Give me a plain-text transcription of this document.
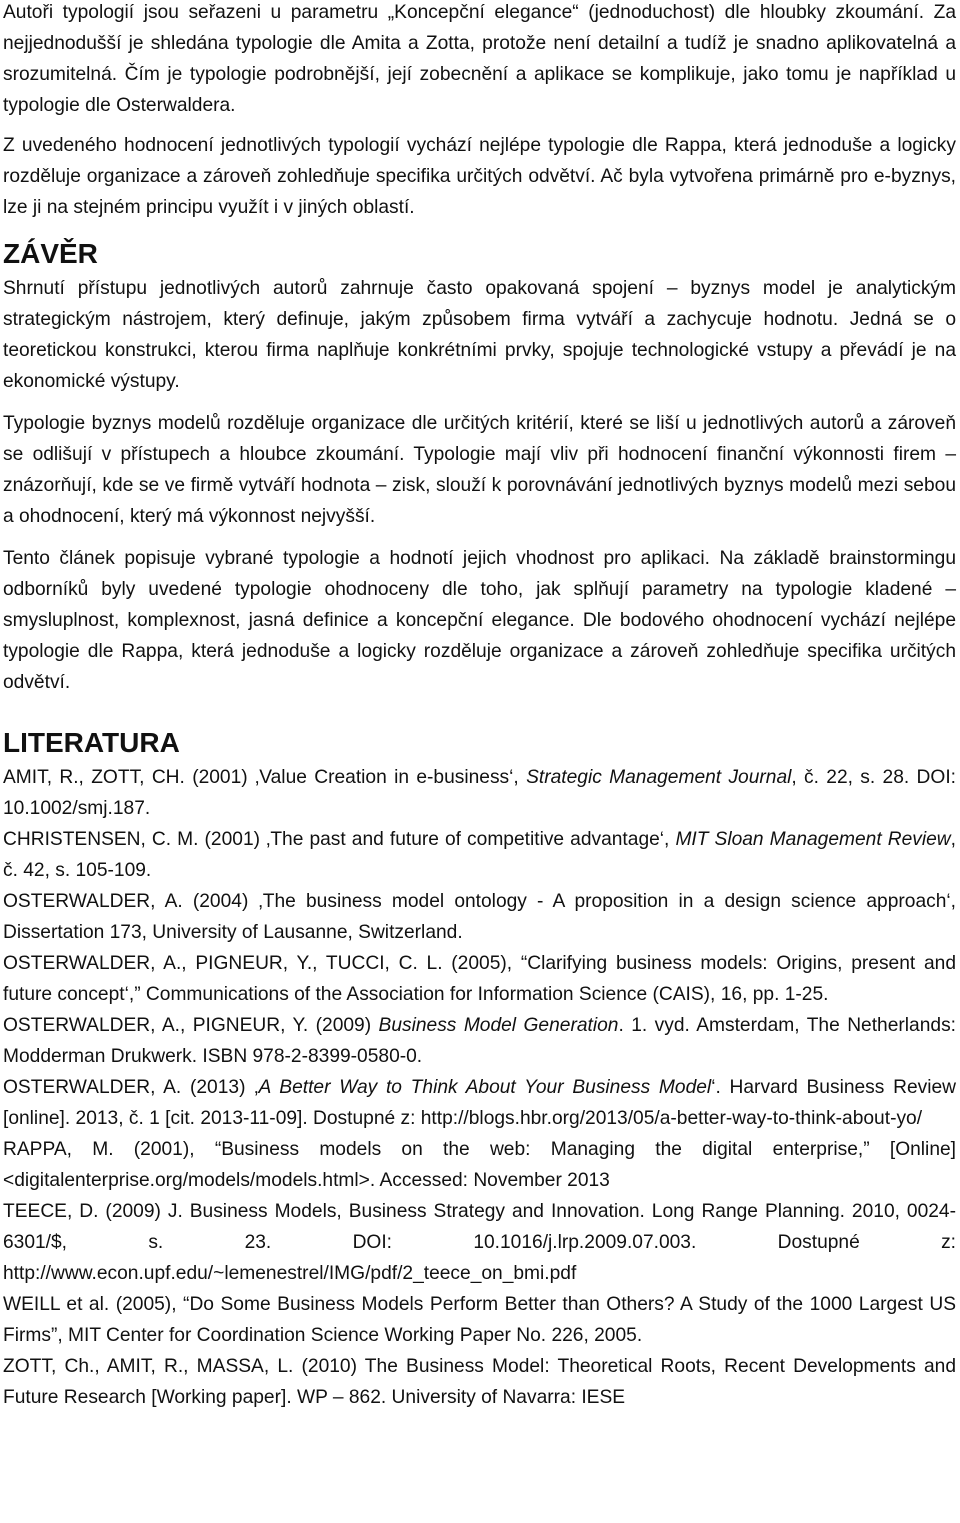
Autoři typologií jsou seřazeni u parametru „Koncepční elegance“ (jednoduchost) dle hloubky zkoumání. Za nejjednodušší je shledána typologie dle Amita a Zotta, protože není detailní a tudíž je snadno aplikovatelná a srozumitelná. Čím je typologie podrobnější, její zobecnění a aplikace se komplikuje, jako tomu je například u typologie dle Osterwaldera.

Z uvedeného hodnocení jednotlivých typologií vychází nejlépe typologie dle Rappa, která jednoduše a logicky rozděluje organizace a zároveň zohledňuje specifika určitých odvětví. Ač byla vytvořena primárně pro e-byznys, lze ji na stejném principu využít i v jiných oblastí.

ZÁVĚR

Shrnutí přístupu jednotlivých autorů zahrnuje často opakovaná spojení – byznys model je analytickým strategickým nástrojem, který definuje, jakým způsobem firma vytváří a zachycuje hodnotu. Jedná se o teoretickou konstrukci, kterou firma naplňuje konkrétními prvky, spojuje technologické vstupy a převádí je na ekonomické výstupy.

Typologie byznys modelů rozděluje organizace dle určitých kritérií, které se liší u jednotlivých autorů a zároveň se odlišují v přístupech a hloubce zkoumání. Typologie mají vliv při hodnocení finanční výkonnosti firem – znázorňují, kde se ve firmě vytváří hodnota – zisk, slouží k porovnávání jednotlivých byznys modelů mezi sebou a ohodnocení, který má výkonnost nejvyšší.

Tento článek popisuje vybrané typologie a hodnotí jejich vhodnost pro aplikaci. Na základě brainstormingu odborníků byly uvedené typologie ohodnoceny dle toho, jak splňují parametry na typologie kladené – smysluplnost, komplexnost, jasná definice a koncepční elegance. Dle bodového ohodnocení vychází nejlépe typologie dle Rappa, která jednoduše a logicky rozděluje organizace a zároveň zohledňuje specifika určitých odvětví.

LITERATURA

AMIT, R., ZOTT, CH. (2001) ‚Value Creation in e-business‘, Strategic Management Journal, č. 22, s. 28. DOI: 10.1002/smj.187.

CHRISTENSEN, C. M. (2001) ‚The past and future of competitive advantage‘, MIT Sloan Management Review, č. 42, s. 105-109.

OSTERWALDER, A. (2004) ‚The business model ontology - A proposition in a design science approach‘, Dissertation 173, University of Lausanne, Switzerland.

OSTERWALDER, A., PIGNEUR, Y., TUCCI, C. L. (2005), “Clarifying business models: Origins, present and future concept‘,” Communications of the Association for Information Science (CAIS), 16, pp. 1-25.

OSTERWALDER, A., PIGNEUR, Y. (2009) Business Model Generation. 1. vyd. Amsterdam, The Netherlands: Modderman Drukwerk. ISBN 978-2-8399-0580-0.

OSTERWALDER, A. (2013) ‚A Better Way to Think About Your Business Model‘. Harvard Business Review [online]. 2013, č. 1 [cit. 2013-11-09]. Dostupné z: http://blogs.hbr.org/2013/05/a-better-way-to-think-about-yo/

RAPPA, M. (2001), “Business models on the web: Managing the digital enterprise,” [Online] <digitalenterprise.org/models/models.html>. Accessed: November 2013

TEECE, D. (2009) J. Business Models, Business Strategy and Innovation. Long Range Planning. 2010, 0024-6301/$, s. 23. DOI: 10.1016/j.lrp.2009.07.003. Dostupné z: http://www.econ.upf.edu/~lemenestrel/IMG/pdf/2_teece_on_bmi.pdf

WEILL et al. (2005), “Do Some Business Models Perform Better than Others? A Study of the 1000 Largest US Firms”, MIT Center for Coordination Science Working Paper No. 226, 2005.

ZOTT, Ch., AMIT, R., MASSA, L. (2010) The Business Model: Theoretical Roots, Recent Developments and Future Research [Working paper]. WP – 862. University of Navarra: IESE
